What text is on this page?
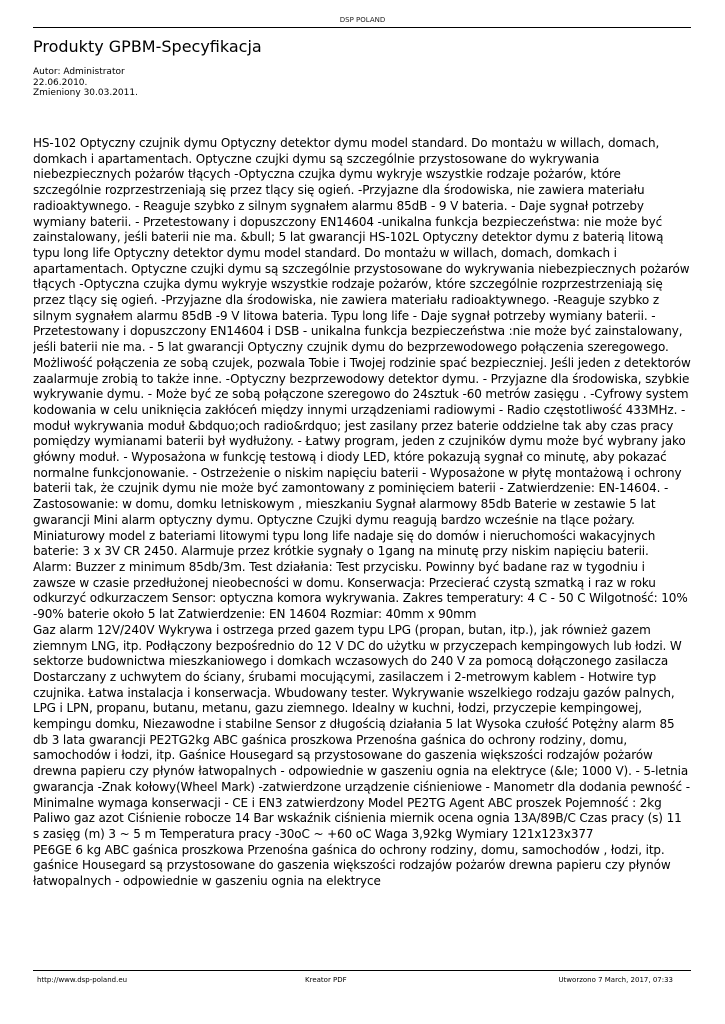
DSP POLAND
Produkty GPBM-Specyfikacja
Autor: Administrator
22.06.2010.
Zmieniony 30.03.2011.
HS-102 Optyczny czujnik dymu Optyczny detektor dymu model standard. Do montażu w willach, domach, domkach i apartamentach. Optyczne czujki dymu są szczególnie przystosowane do wykrywania niebezpiecznych pożarów tłących -Optyczna czujka dymu wykryje wszystkie rodzaje pożarów, które szczególnie rozprzestrzeniają się przez tlący się ogień. -Przyjazne dla środowiska, nie zawiera materiału radioaktywnego. - Reaguje szybko z silnym sygnałem alarmu 85dB - 9 V bateria. - Daje sygnał potrzeby wymiany baterii. - Przetestowany i dopuszczony EN14604 -unikalna funkcja bezpieczeństwa: nie może być zainstalowany, jeśli baterii nie ma. &bull; 5 lat gwarancji HS-102L Optyczny detektor dymu z baterią litową typu long life Optyczny detektor dymu model standard. Do montażu w willach, domach, domkach i apartamentach. Optyczne czujki dymu są szczególnie przystosowane do wykrywania niebezpiecznych pożarów tłących -Optyczna czujka dymu wykryje wszystkie rodzaje pożarów, które szczególnie rozprzestrzeniają się przez tlący się ogień. -Przyjazne dla środowiska, nie zawiera materiału radioaktywnego. -Reaguje szybko z silnym sygnałem alarmu 85dB -9 V litowa bateria. Typu long life - Daje sygnał potrzeby wymiany baterii. - Przetestowany i dopuszczony EN14604 i DSB - unikalna funkcja bezpieczeństwa :nie może być zainstalowany, jeśli baterii nie ma. - 5 lat gwarancji Optyczny czujnik dymu do bezprzewodowego połączenia szeregowego. Możliwość połączenia ze sobą czujek, pozwala Tobie i Twojej rodzinie spać bezpieczniej. Jeśli jeden z detektorów zaalarmuje zrobią to także inne. -Optyczny bezprzewodowy detektor dymu. - Przyjazne dla środowiska, szybkie wykrywanie dymu. - Może być ze sobą połączone szeregowo do 24sztuk -60 metrów zasięgu . -Cyfrowy system kodowania w celu uniknięcia zakłóceń między innymi urządzeniami radiowymi - Radio częstotliwość 433MHz. - moduł wykrywania moduł &bdquo;och radio&rdquo; jest zasilany przez baterie oddzielne tak aby czas pracy pomiędzy wymianami baterii był wydłużony. - Łatwy program, jeden z czujników dymu może być wybrany jako główny moduł. - Wyposażona w funkcję testową i diody LED, które pokazują sygnał co minutę, aby pokazać normalne funkcjonowanie. - Ostrzeżenie o niskim napięciu baterii - Wyposażone w płytę montażową i ochrony baterii tak, że czujnik dymu nie może być zamontowany z pominięciem baterii - Zatwierdzenie: EN-14604. - Zastosowanie: w domu, domku letniskowym , mieszkaniu Sygnał alarmowy 85db Baterie w zestawie 5 lat gwarancji Mini alarm optyczny dymu. Optyczne Czujki dymu reagują bardzo wcześnie na tlące pożary. Miniaturowy model z bateriami litowymi typu long life nadaje się do domów i nieruchomości wakacyjnych baterie: 3 x 3V CR 2450. Alarmuje przez krótkie sygnały o 1gang na minutę przy niskim napięciu baterii. Alarm: Buzzer z minimum 85db/3m. Test działania: Test przycisku. Powinny być badane raz w tygodniu i zawsze w czasie przedłużonej nieobecności w domu. Konserwacja: Przecierać czystą szmatką i raz w roku odkurzyć odkurzaczem Sensor: optyczna komora wykrywania. Zakres temperatury: 4 C - 50 C Wilgotność: 10% -90% baterie około 5 lat Zatwierdzenie: EN 14604 Rozmiar: 40mm x 90mm
Gaz alarm 12V/240V Wykrywa i ostrzega przed gazem typu LPG (propan, butan, itp.), jak również gazem ziemnym LNG, itp. Podłączony bezpośrednio do 12 V DC do użytku w przyczepach kempingowych lub łodzi. W sektorze budownictwa mieszkaniowego i domkach wczasowych do 240 V za pomocą dołączonego zasilacza Dostarczany z uchwytem do ściany, śrubami mocującymi, zasilaczem i 2-metrowym kablem - Hotwire typ czujnika. Łatwa instalacja i konserwacja. Wbudowany tester. Wykrywanie wszelkiego rodzaju gazów palnych, LPG i LPN, propanu, butanu, metanu, gazu ziemnego. Idealny w kuchni, łodzi, przyczepie kempingowej, kempingu domku, Niezawodne i stabilne Sensor z długością działania 5 lat Wysoka czułość Potężny alarm 85 db 3 lata gwarancji PE2TG2kg ABC gaśnica proszkowa Przenośna gaśnica do ochrony rodziny, domu, samochodów i łodzi, itp. Gaśnice Housegard są przystosowane do gaszenia większości rodzajów pożarów drewna papieru czy płynów łatwopalnych - odpowiednie w gaszeniu ognia na elektryce (&le; 1000 V). - 5-letnia gwarancja -Znak kołowy(Wheel Mark) -zatwierdzone urządzenie ciśnieniowe - Manometr dla dodania pewność - Minimalne wymaga konserwacji - CE i EN3 zatwierdzony Model PE2TG Agent ABC proszek Pojemność : 2kg Paliwo gaz azot Ciśnienie robocze 14 Bar wskaźnik ciśnienia miernik ocena ognia 13A/89B/C Czas pracy (s) 11 s zasięg (m) 3 ~ 5 m Temperatura pracy -30oC ~ +60 oC Waga 3,92kg Wymiary 121x123x377
PE6GE 6 kg ABC gaśnica proszkowa Przenośna gaśnica do ochrony rodziny, domu, samochodów , łodzi, itp. gaśnice Housegard są przystosowane do gaszenia większości rodzajów pożarów drewna papieru czy płynów łatwopalnych - odpowiednie w gaszeniu ognia na elektryce
http://www.dsp-poland.eu	Kreator PDF	Utworzono 7 March, 2017, 07:33
